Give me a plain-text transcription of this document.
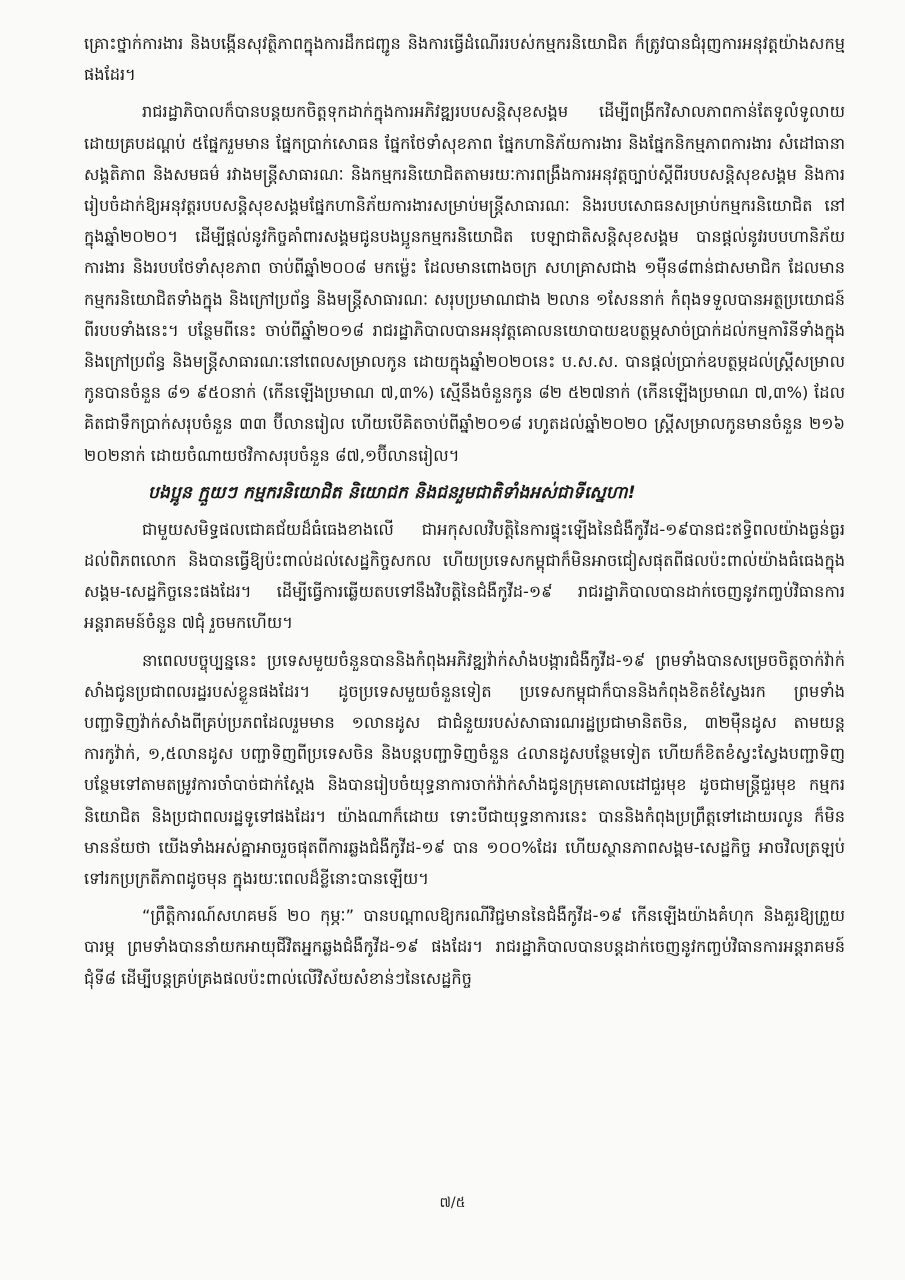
គ្រោះថ្នាក់ការងារ និងបង្កើនសុវត្ថិភាពក្នុងការដឹកជញ្ជូន និងការធ្វើដំណើររបស់កម្មករនិយោជិត ក៏ត្រូវបានជំរុញការអនុវត្តយ៉ាងសកម្មផងដែរ។

រាជរដ្ឋាភិបាលក៏បានបន្តយកចិត្តទុកដាក់ក្នុងការអភិវឌ្ឍរបបសន្តិសុខសង្គម ដើម្បីពង្រីកវិសាលភាពកាន់តែទូលំទូលាយ ដោយគ្របដណ្តប់ ៥ផ្នែករួមមាន ផ្នែកប្រាក់សោធន ផ្នែកថែទាំសុខភាព ផ្នែកហានិភ័យការងារ និងផ្នែកនិកម្មភាពការងារ សំដៅធានាសង្គតិភាព និងសមធម៌ រវាងមន្ត្រីសាធារណៈ និងកម្មករនិយោជិតតាមរយៈការពង្រឹងការអនុវត្តច្បាប់ស្តីពីរបបសន្តិសុខសង្គម និងការរៀបចំដាក់ឱ្យអនុវត្តរបបសន្តិសុខសង្គមផ្នែកហានិភ័យការងារសម្រាប់មន្ត្រីសាធារណៈ និងរបបសោធនសម្រាប់កម្មករនិយោជិត នៅក្នុងឆ្នាំ២០២០។ ដើម្បីផ្តល់នូវកិច្ចគាំពារសង្គមជូនបងប្អូនកម្មករនិយោជិត បេឡាជាតិសន្តិសុខសង្គម បានផ្តល់នូវរបបហានិភ័យការងារ និងរបបថែទាំសុខភាព ចាប់ពីឆ្នាំ២០០៨ មកម្ល៉េះ ដែលមានពោងចក្រ សហគ្រាសជាង ១ម៉ឺន៨ពាន់ជាសមាជិក ដែលមានកម្មករនិយោជិតទាំងក្នុង និងក្រៅប្រព័ន្ធ និងមន្ត្រីសាធារណៈ សរុបប្រមាណជាង ២លាន ១សែននាក់ កំពុងទទួលបានអត្ថប្រយោជន៍ពីរបបទាំងនេះ។ បន្ថែមពីនេះ ចាប់ពីឆ្នាំ២០១៨ រាជរដ្ឋាភិបាលបានអនុវត្តគោលនយោបាយឧបត្ថម្ភសាច់ប្រាក់ដល់កម្មការិនីទាំងក្នុង និងក្រៅប្រព័ន្ធ និងមន្ត្រីសាធារណៈនៅពេលសម្រាលកូន ដោយក្នុងឆ្នាំ២០២០នេះ ប.ស.ស. បានផ្តល់ប្រាក់ឧបត្ថម្ភដល់ស្ត្រីសម្រាលកូនបានចំនួន ៨១ ៩៥០នាក់ (កើនឡើងប្រមាណ ៧,៣%) ស្មើនឹងចំនួនកូន ៨២ ៥២៧នាក់ (កើនឡើងប្រមាណ ៧,៣%) ដែលគិតជាទឹកប្រាក់សរុបចំនួន ៣៣ ប៊ីលានរៀល ហើយបើគិតចាប់ពីឆ្នាំ២០១៨ រហូតដល់ឆ្នាំ២០២០ ស្ត្រីសម្រាលកូនមានចំនួន ២១៦ ២០២នាក់ ដោយចំណាយថវិកាសរុបចំនួន ៨៧,១ប៊ីលានរៀល។

បងប្អូន ក្មួយៗ កម្មករនិយោជិត និយោជក និងជនរួមជាតិទាំងអស់ជាទីស្នេហា!

ជាមួយសមិទ្ធផលជោគជ័យដ៏ធំធេងខាងលើ ជាអកុសលវិបត្តិនៃការផ្ទុះឡើងនៃជំងឺកូវីដ-១៩បានជះឥទ្ធិពលយ៉ាងធ្ងន់ធ្ងរដល់ពិភពលោក និងបានធ្វើឱ្យប៉ះពាល់ដល់សេដ្ឋកិច្ចសកល ហើយប្រទេសកម្ពុជាក៏មិនអាចជៀសផុតពីផលប៉ះពាល់យ៉ាងធំធេងក្នុងសង្គម-សេដ្ឋកិច្ចនេះផងដែរ។ ដើម្បីធ្វើការឆ្លើយតបទៅនឹងវិបត្តិនៃជំងឺកូវីដ-១៩ រាជរដ្ឋាភិបាលបានដាក់ចេញនូវកញ្ចប់វិធានការអន្តរាគមន៍ចំនួន ៧ជុំ រួចមកហើយ។

នាពេលបច្ចុប្បន្ននេះ ប្រទេសមួយចំនួនបាននិងកំពុងអភិវឌ្ឍវ៉ាក់សាំងបង្ការជំងឺកូវីដ-១៩ ព្រមទាំងបានសម្រេចចិត្តចាក់វ៉ាក់សាំងជូនប្រជាពលរដ្ឋរបស់ខ្លួនផងដែរ។ ដូចប្រទេសមួយចំនួនទៀត ប្រទេសកម្ពុជាក៏បាននិងកំពុងខិតខំស្វែងរក ព្រមទាំងបញ្ជាទិញវ៉ាក់សាំងពីគ្រប់ប្រភពដែលរួមមាន ១លានដូស ជាជំនួយរបស់សាធារណរដ្ឋប្រជាមានិតចិន, ៣២ម៉ឺនដូស តាមយន្តការកូវ៉ាក់, ១,៥លានដូស បញ្ជាទិញពីប្រទេសចិន និងបន្តបញ្ជាទិញចំនួន ៤លានដូសបន្ថែមទៀត ហើយក៏ខិតខំស្វះស្វែងបញ្ជាទិញបន្ថែមទៅតាមតម្រូវការចាំបាច់ជាក់ស្តែង និងបានរៀបចំយុទ្ធនាការចាក់វ៉ាក់សាំងជូនក្រុមគោលដៅជួរមុខ ដូចជាមន្ត្រីជួរមុខ កម្មករនិយោជិត និងប្រជាពលរដ្ឋទូទៅផងដែរ។ យ៉ាងណាក៏ដោយ ទោះបីជាយុទ្ធនាការនេះ បាននិងកំពុងប្រព្រឹត្តទៅដោយរលូន ក៏មិនមានន័យថា យើងទាំងអស់គ្នាអាចរួចផុតពីការឆ្លងជំងឺកូវីដ-១៩ បាន ១០០%ដែរ ហើយស្ថានភាពសង្គម-សេដ្ឋកិច្ច អាចវិលត្រឡប់ទៅរកប្រក្រតីភាពដូចមុន ក្នុងរយៈពេលដ៏ខ្លីនោះបានឡើយ។

“ព្រឹត្តិការណ៍សហគមន៍ ២០ កុម្ភៈ” បានបណ្តាលឱ្យករណីវិជ្ជមាននៃជំងឺកូវីដ-១៩ កើនឡើងយ៉ាងគំហុក និងគួរឱ្យព្រួយបារម្ភ ព្រមទាំងបាននាំយកអាយុជីវិតអ្នកឆ្លងជំងឺកូវីដ-១៩ ផងដែរ។ រាជរដ្ឋាភិបាលបានបន្តដាក់ចេញនូវកញ្ចប់វិធានការអន្តរាគមន៍ជុំទី៨ ដើម្បីបន្តគ្រប់គ្រងផលប៉ះពាល់លើវិស័យសំខាន់ៗនៃសេដ្ឋកិច្ច

៧/៥
